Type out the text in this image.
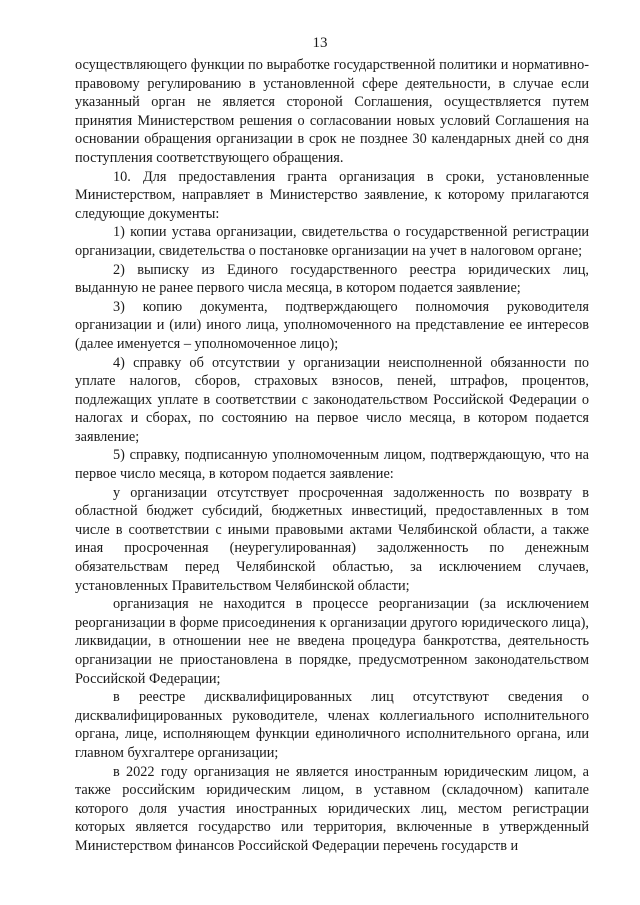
13

осуществляющего функции по выработке государственной политики и нормативно-правовому регулированию в установленной сфере деятельности, в случае если указанный орган не является стороной Соглашения, осуществляется путем принятия Министерством решения о согласовании новых условий Соглашения на основании обращения организации в срок не позднее 30 календарных дней со дня поступления соответствующего обращения.

10. Для предоставления гранта организация в сроки, установленные Министерством, направляет в Министерство заявление, к которому прилагаются следующие документы:

1) копии устава организации, свидетельства о государственной регистрации организации, свидетельства о постановке организации на учет в налоговом органе;

2) выписку из Единого государственного реестра юридических лиц, выданную не ранее первого числа месяца, в котором подается заявление;

3) копию документа, подтверждающего полномочия руководителя организации и (или) иного лица, уполномоченного на представление ее интересов (далее именуется – уполномоченное лицо);

4) справку об отсутствии у организации неисполненной обязанности по уплате налогов, сборов, страховых взносов, пеней, штрафов, процентов, подлежащих уплате в соответствии с законодательством Российской Федерации о налогах и сборах, по состоянию на первое число месяца, в котором подается заявление;

5) справку, подписанную уполномоченным лицом, подтверждающую, что на первое число месяца, в котором подается заявление:

у организации отсутствует просроченная задолженность по возврату в областной бюджет субсидий, бюджетных инвестиций, предоставленных в том числе в соответствии с иными правовыми актами Челябинской области, а также иная просроченная (неурегулированная) задолженность по денежным обязательствам перед Челябинской областью, за исключением случаев, установленных Правительством Челябинской области;

организация не находится в процессе реорганизации (за исключением реорганизации в форме присоединения к организации другого юридического лица), ликвидации, в отношении нее не введена процедура банкротства, деятельность организации не приостановлена в порядке, предусмотренном законодательством Российской Федерации;

в реестре дисквалифицированных лиц отсутствуют сведения о дисквалифицированных руководителе, членах коллегиального исполнительного органа, лице, исполняющем функции единоличного исполнительного органа, или главном бухгалтере организации;

в 2022 году организация не является иностранным юридическим лицом, а также российским юридическим лицом, в уставном (складочном) капитале которого доля участия иностранных юридических лиц, местом регистрации которых является государство или территория, включенные в утвержденный Министерством финансов Российской Федерации перечень государств и
